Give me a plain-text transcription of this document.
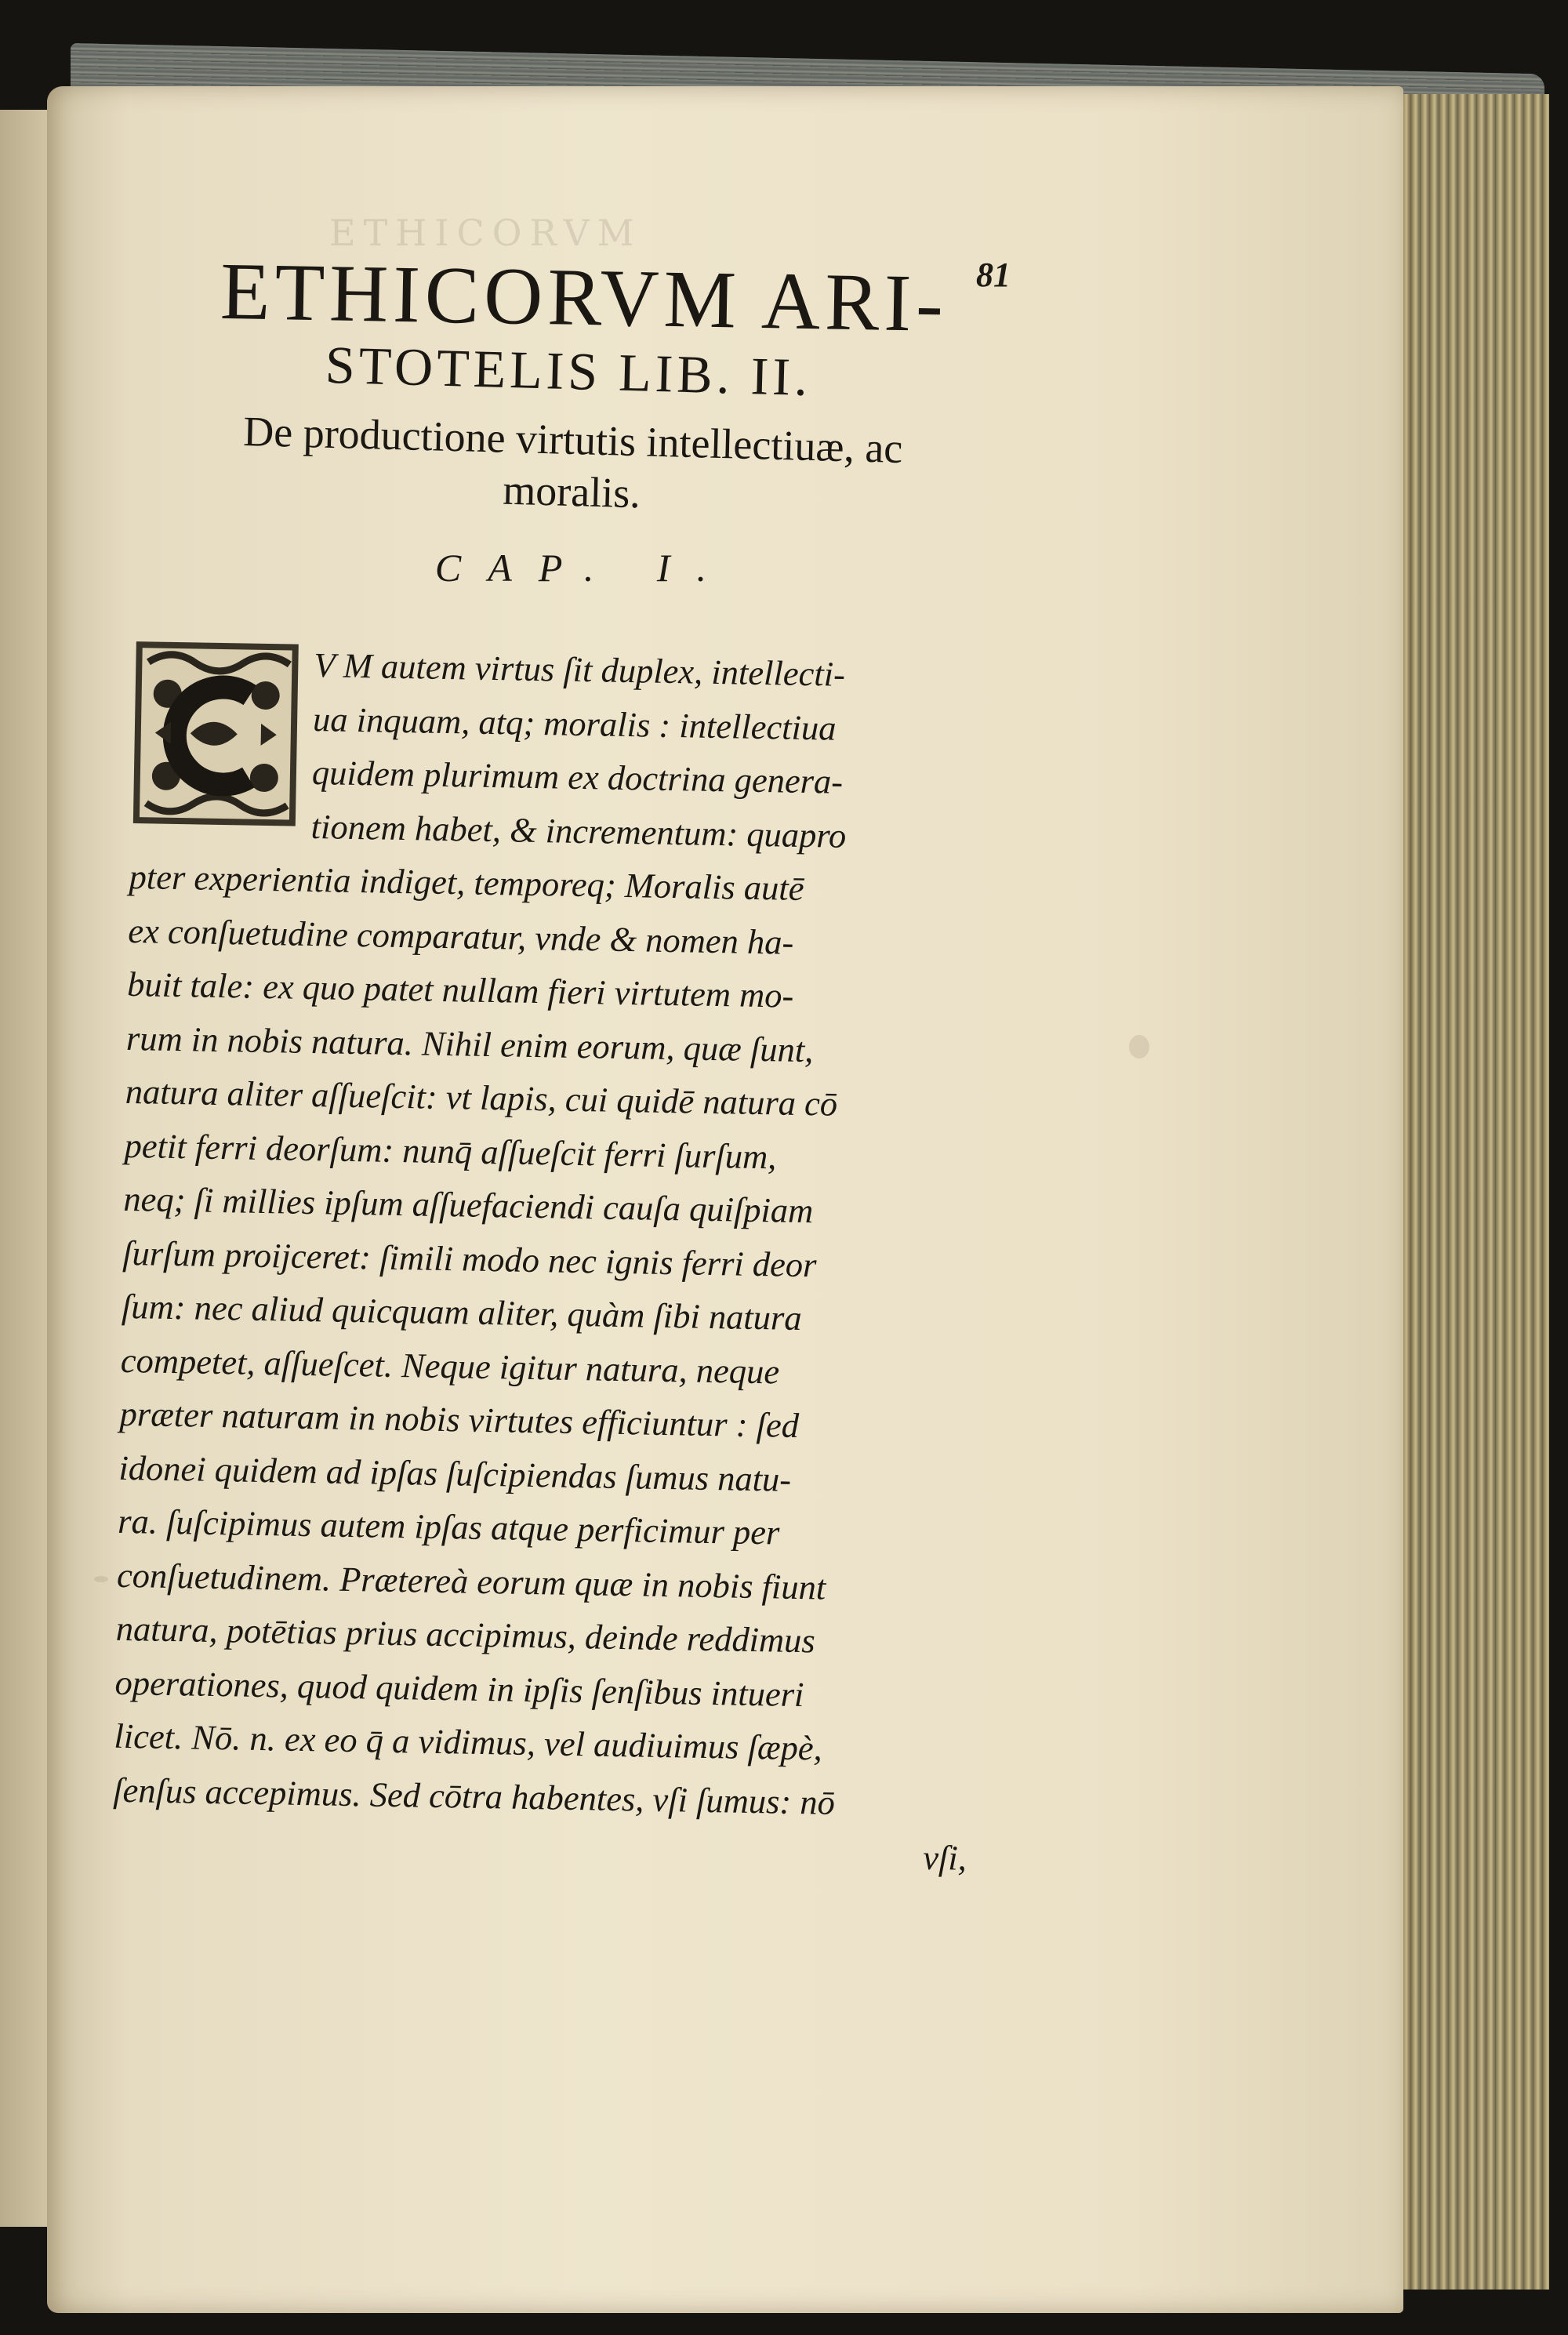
ETHICORVM
81
ETHICORVM ARI-
STOTELIS LIB. II.
De productione virtutis intellectiuæ, ac moralis.
CAP. I.

V M autem virtus ſit duplex, intellecti-

ua inquam, atq; moralis : intellectiua

quidem plurimum ex doctrina genera-

tionem habet, & incrementum: quapro

pter experientia indiget, temporeq; Moralis autē

ex conſuetudine comparatur, vnde & nomen ha-

buit tale: ex quo patet nullam fieri virtutem mo-

rum in nobis natura. Nihil enim eorum, quæ ſunt,

natura aliter aſſueſcit: vt lapis, cui quidē natura cō

petit ferri deorſum: nunq̄ aſſueſcit ferri ſurſum,

neq; ſi millies ipſum aſſuefaciendi cauſa quiſpiam

ſurſum proijceret: ſimili modo nec ignis ferri deor

ſum: nec aliud quicquam aliter, quàm ſibi natura

competet, aſſueſcet. Neque igitur natura, neque

præter naturam in nobis virtutes efficiuntur : ſed

idonei quidem ad ipſas ſuſcipiendas ſumus natu-

ra. ſuſcipimus autem ipſas atque perficimur per

conſuetudinem. Prætereà eorum quæ in nobis fiunt

natura, potētias prius accipimus, deinde reddimus

operationes, quod quidem in ipſis ſenſibus intueri

licet. Nō. n. ex eo q̄ a vidimus, vel audiuimus ſæpè,

ſenſus accepimus. Sed cōtra habentes, vſi ſumus: nō

vſi,
